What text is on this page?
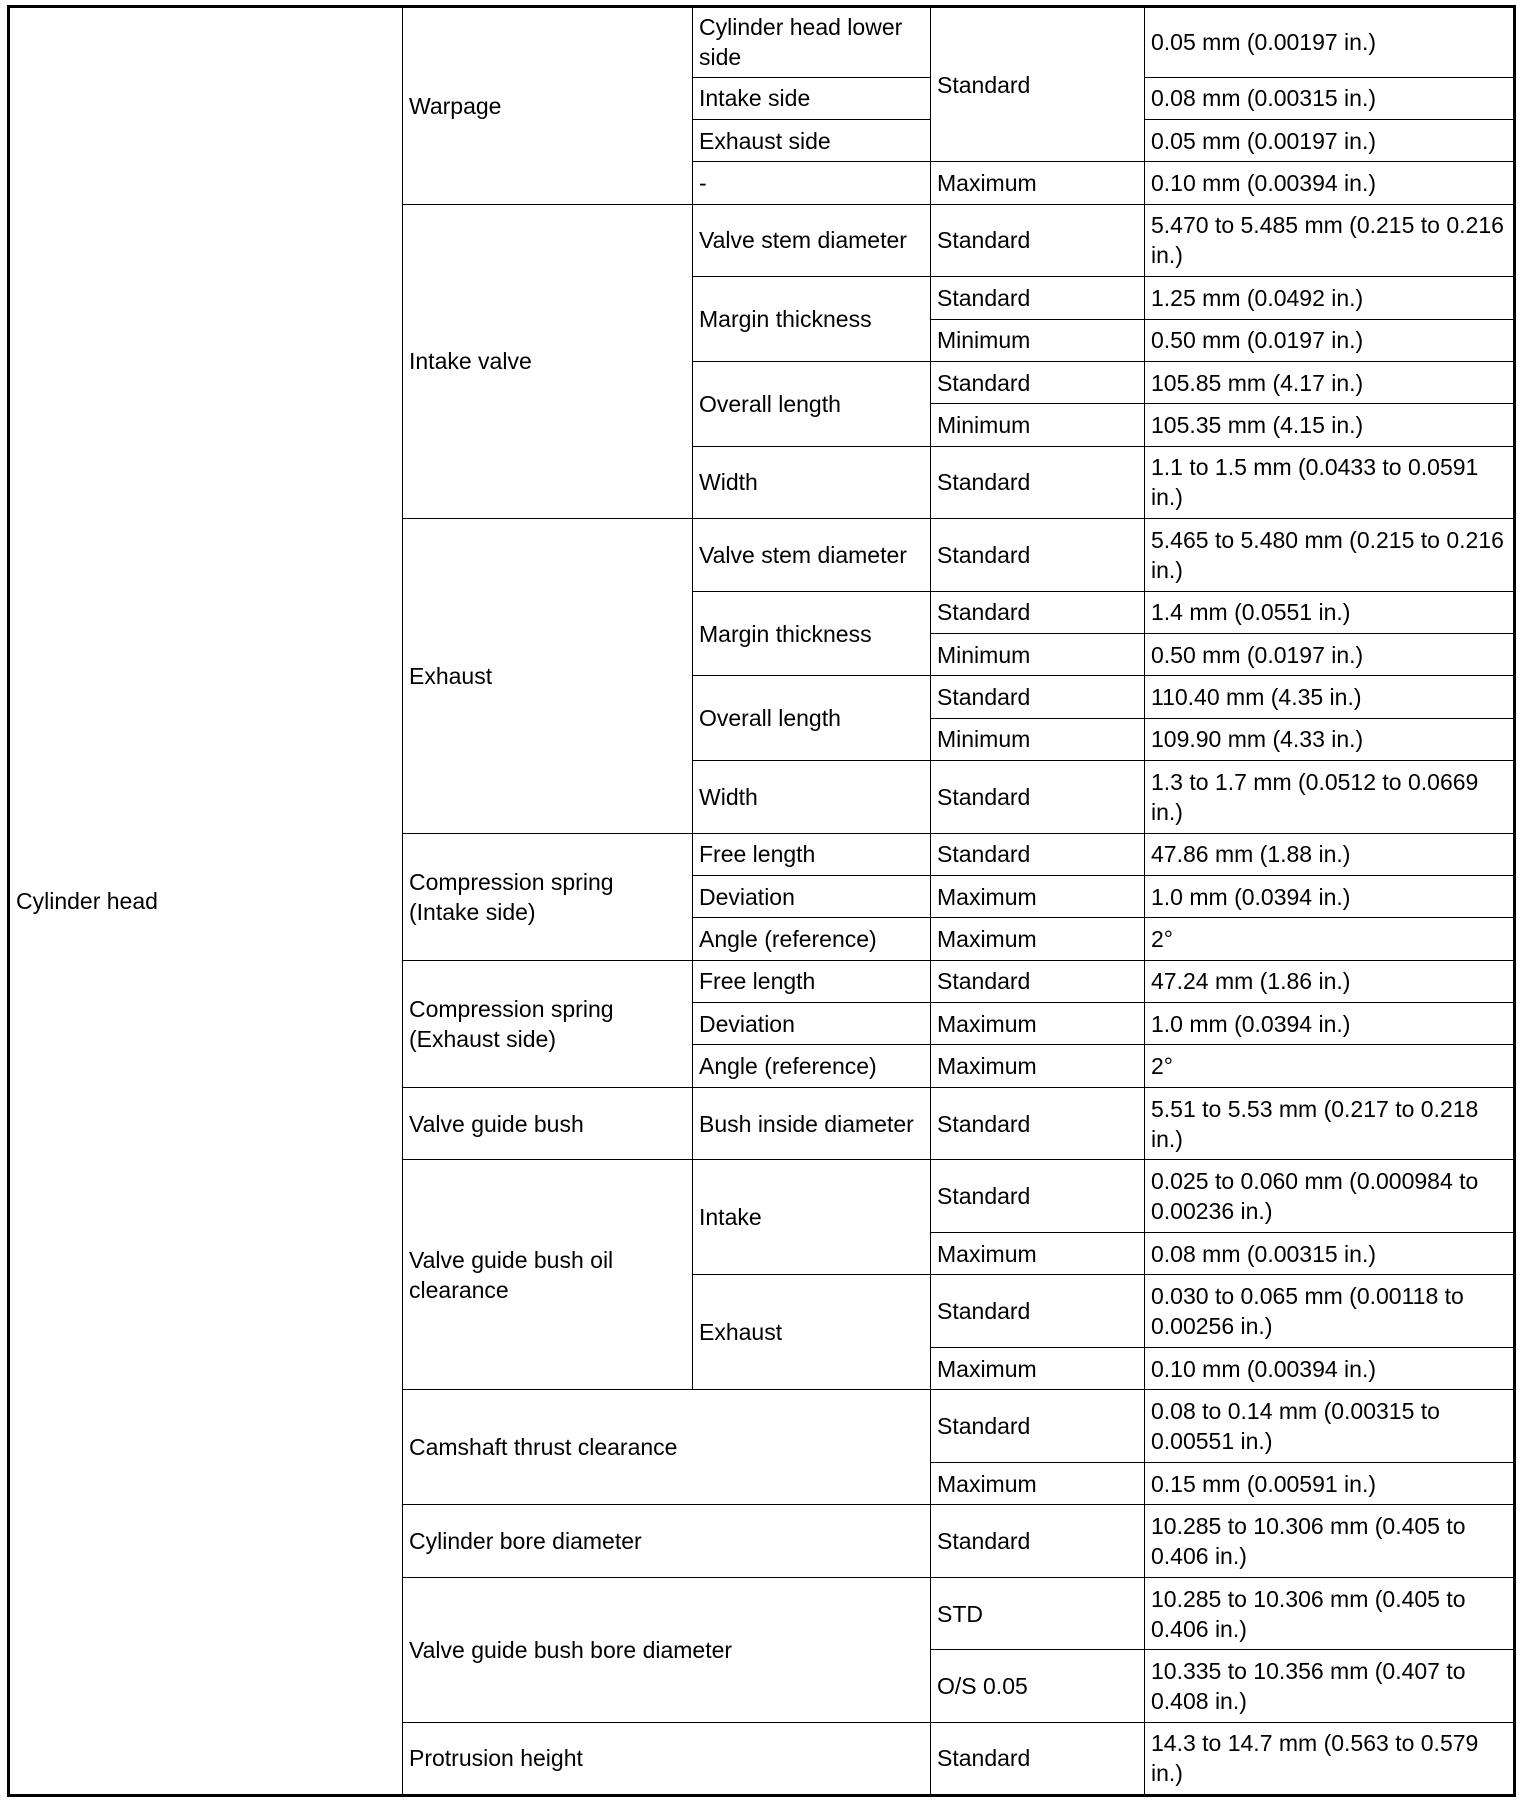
Cylinder head	Warpage	Cylinder head lower side	Standard	0.05 mm (0.00197 in.)
		Intake side		0.08 mm (0.00315 in.)
		Exhaust side		0.05 mm (0.00197 in.)
		-	Maximum	0.10 mm (0.00394 in.)
	Intake valve	Valve stem diameter	Standard	5.470 to 5.485 mm (0.215 to 0.216 in.)
		Margin thickness	Standard	1.25 mm (0.0492 in.)
			Minimum	0.50 mm (0.0197 in.)
		Overall length	Standard	105.85 mm (4.17 in.)
			Minimum	105.35 mm (4.15 in.)
		Width	Standard	1.1 to 1.5 mm (0.0433 to 0.0591 in.)
	Exhaust	Valve stem diameter	Standard	5.465 to 5.480 mm (0.215 to 0.216 in.)
		Margin thickness	Standard	1.4 mm (0.0551 in.)
			Minimum	0.50 mm (0.0197 in.)
		Overall length	Standard	110.40 mm (4.35 in.)
			Minimum	109.90 mm (4.33 in.)
		Width	Standard	1.3 to 1.7 mm (0.0512 to 0.0669 in.)
	Compression spring (Intake side)	Free length	Standard	47.86 mm (1.88 in.)
		Deviation	Maximum	1.0 mm (0.0394 in.)
		Angle (reference)	Maximum	2°
	Compression spring (Exhaust side)	Free length	Standard	47.24 mm (1.86 in.)
		Deviation	Maximum	1.0 mm (0.0394 in.)
		Angle (reference)	Maximum	2°
	Valve guide bush	Bush inside diameter	Standard	5.51 to 5.53 mm (0.217 to 0.218 in.)
	Valve guide bush oil clearance	Intake	Standard	0.025 to 0.060 mm (0.000984 to 0.00236 in.)
			Maximum	0.08 mm (0.00315 in.)
		Exhaust	Standard	0.030 to 0.065 mm (0.00118 to 0.00256 in.)
			Maximum	0.10 mm (0.00394 in.)
	Camshaft thrust clearance		Standard	0.08 to 0.14 mm (0.00315 to 0.00551 in.)
			Maximum	0.15 mm (0.00591 in.)
	Cylinder bore diameter		Standard	10.285 to 10.306 mm (0.405 to 0.406 in.)
	Valve guide bush bore diameter		STD	10.285 to 10.306 mm (0.405 to 0.406 in.)
			O/S 0.05	10.335 to 10.356 mm (0.407 to 0.408 in.)
	Protrusion height		Standard	14.3 to 14.7 mm (0.563 to 0.579 in.)
